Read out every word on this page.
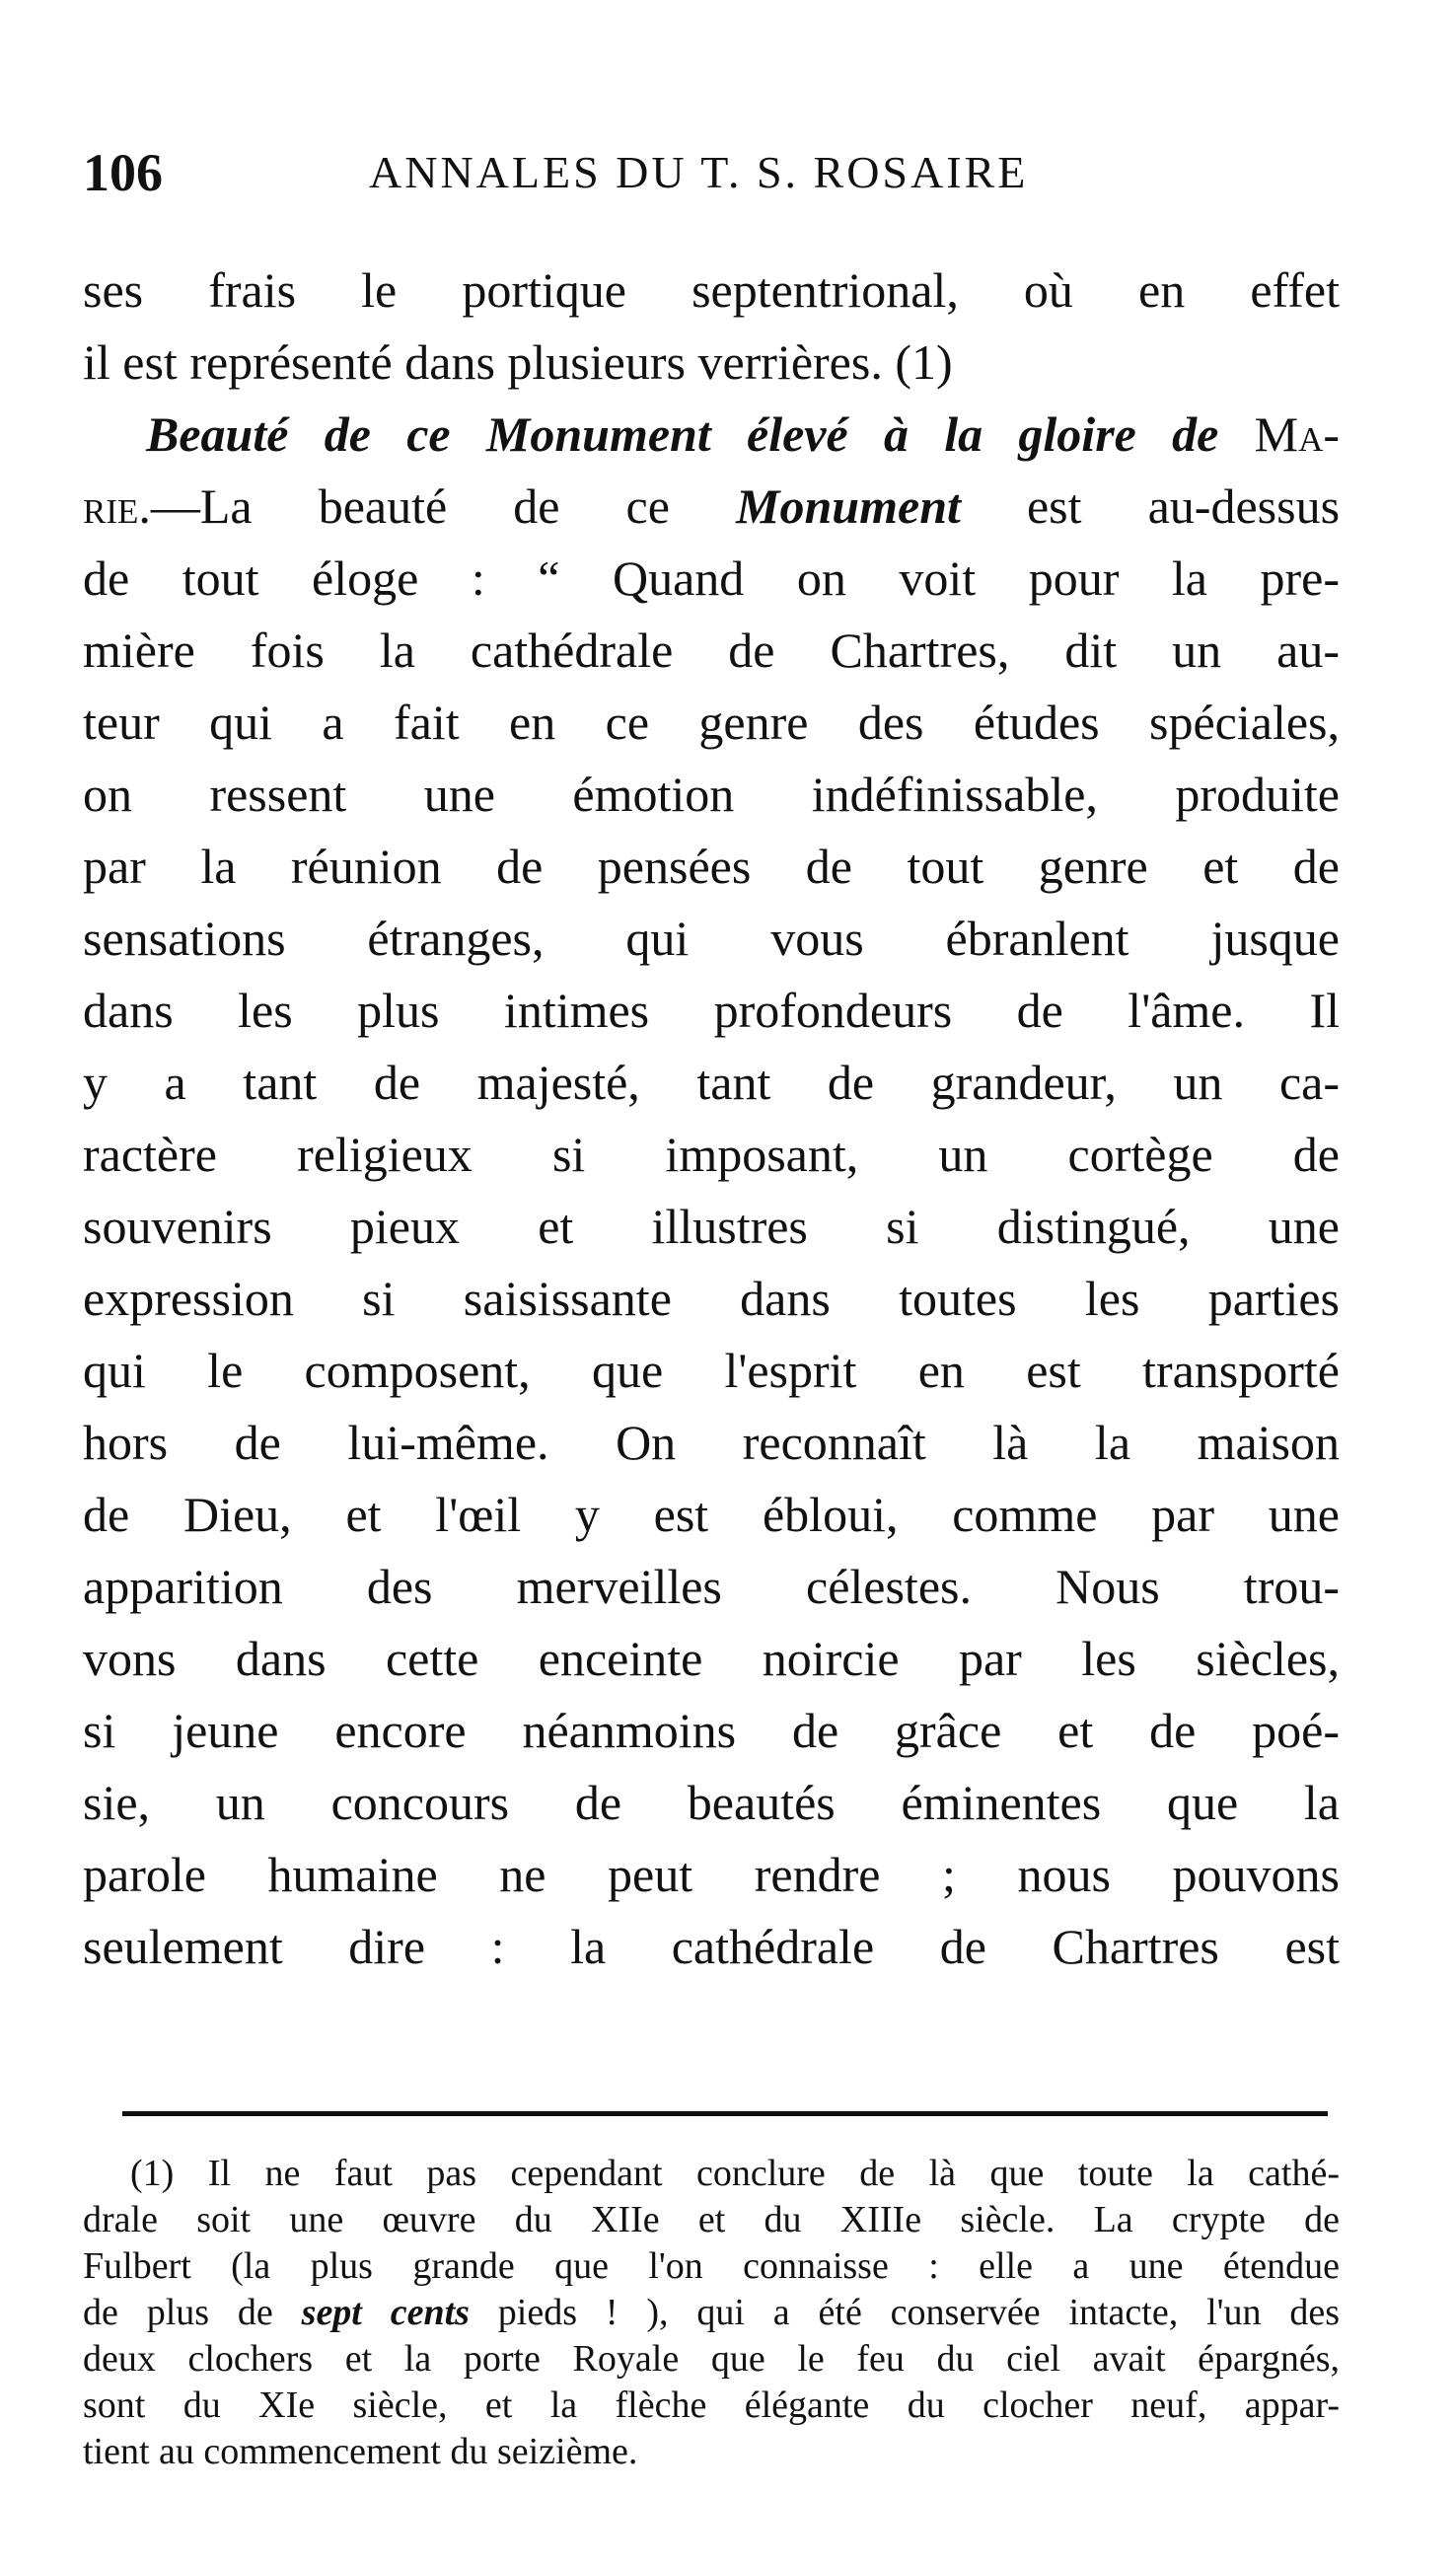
106	ANNALES DU T. S. ROSAIRE
ses frais le portique septentrional, où en effet
il est représenté dans plusieurs verrières. (1)
Beauté de ce Monument élevé à la gloire de Ma-
rie.—La beauté de ce Monument est au-dessus
de tout éloge : “ Quand on voit pour la pre-
mière fois la cathédrale de Chartres, dit un au-
teur qui a fait en ce genre des études spéciales,
on ressent une émotion indéfinissable, produite
par la réunion de pensées de tout genre et de
sensations étranges, qui vous ébranlent jusque
dans les plus intimes profondeurs de l'âme. Il
y a tant de majesté, tant de grandeur, un ca-
ractère religieux si imposant, un cortège de
souvenirs pieux et illustres si distingué, une
expression si saisissante dans toutes les parties
qui le composent, que l'esprit en est transporté
hors de lui-même. On reconnaît là la maison
de Dieu, et l'œil y est ébloui, comme par une
apparition des merveilles célestes. Nous trou-
vons dans cette enceinte noircie par les siècles,
si jeune encore néanmoins de grâce et de poé-
sie, un concours de beautés éminentes que la
parole humaine ne peut rendre ; nous pouvons
seulement dire : la cathédrale de Chartres est
(1) Il ne faut pas cependant conclure de là que toute la cathé-
drale soit une œuvre du XIIe et du XIIIe siècle. La crypte de
Fulbert (la plus grande que l'on connaisse : elle a une étendue
de plus de sept cents pieds ! ), qui a été conservée intacte, l'un des
deux clochers et la porte Royale que le feu du ciel avait épargnés,
sont du XIe siècle, et la flèche élégante du clocher neuf, appar-
tient au commencement du seizième.
